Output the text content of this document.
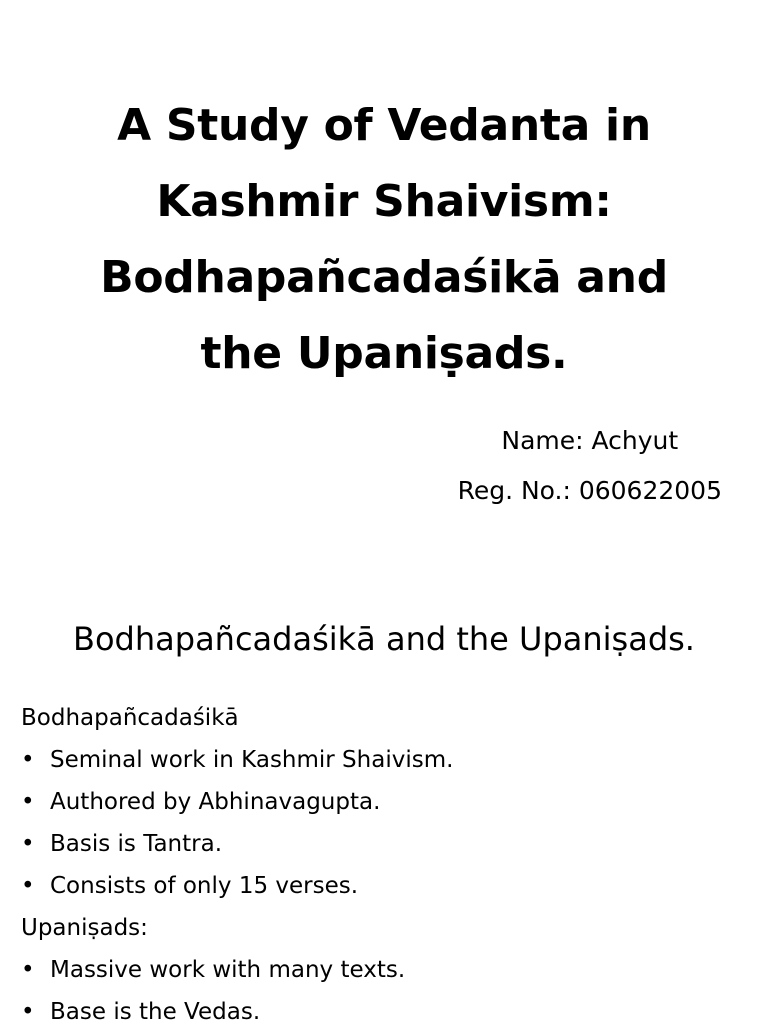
A Study of Vedanta in
Kashmir Shaivism:
Bodhapañcadaśikā and
the Upaniṣads.
Name: Achyut
Reg. No.: 060622005
Bodhapañcadaśikā and the Upaniṣads.
Bodhapañcadaśikā
• Seminal work in Kashmir Shaivism.
• Authored by Abhinavagupta.
• Basis is Tantra.
• Consists of only 15 verses.
Upaniṣads:
• Massive work with many texts.
• Base is the Vedas.
